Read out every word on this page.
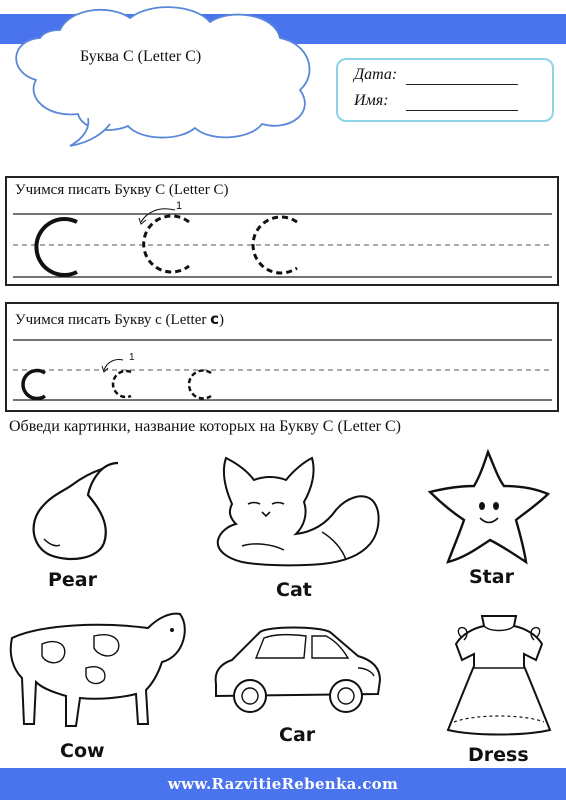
Буква С (Letter C)
Дата:
Имя:
Учимся писать Букву С (Letter C)
1
Учимся писать Букву с (Letter c)
1
Обведи картинки, название которых на Букву С (Letter C)
Pear	Cat
Star
Cow
Car
Dress
www.RazvitieRebenka.com
